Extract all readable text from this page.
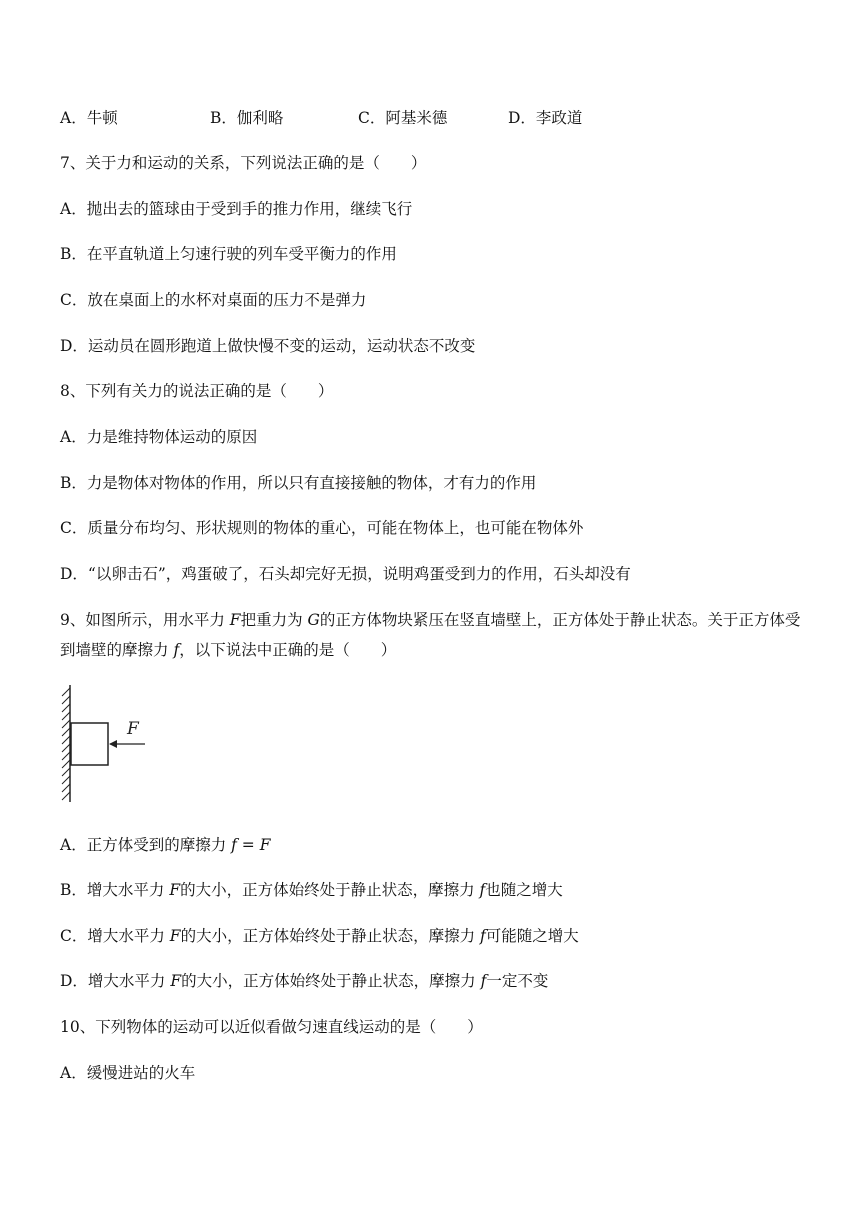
A．牛顿	B．伽利略	C．阿基米德	D．李政道
7、关于力和运动的关系，下列说法正确的是（　　）
A．抛出去的篮球由于受到手的推力作用，继续飞行
B．在平直轨道上匀速行驶的列车受平衡力的作用
C．放在桌面上的水杯对桌面的压力不是弹力
D．运动员在圆形跑道上做快慢不变的运动，运动状态不改变
8、下列有关力的说法正确的是（　　）
A．力是维持物体运动的原因
B．力是物体对物体的作用，所以只有直接接触的物体，才有力的作用
C．质量分布均匀、形状规则的物体的重心，可能在物体上，也可能在物体外
D．“以卵击石”，鸡蛋破了，石头却完好无损，说明鸡蛋受到力的作用，石头却没有
9、如图所示，用水平力 F把重力为 G的正方体物块紧压在竖直墙壁上，正方体处于静止状态。关于正方体受到墙壁的摩擦力 f，以下说法中正确的是（　　）
F
A．正方体受到的摩擦力 f = F
B．增大水平力 F的大小，正方体始终处于静止状态，摩擦力 f也随之增大
C．增大水平力 F的大小，正方体始终处于静止状态，摩擦力 f可能随之增大
D．增大水平力 F的大小，正方体始终处于静止状态，摩擦力 f一定不变
10、下列物体的运动可以近似看做匀速直线运动的是（　　）
A．缓慢进站的火车
